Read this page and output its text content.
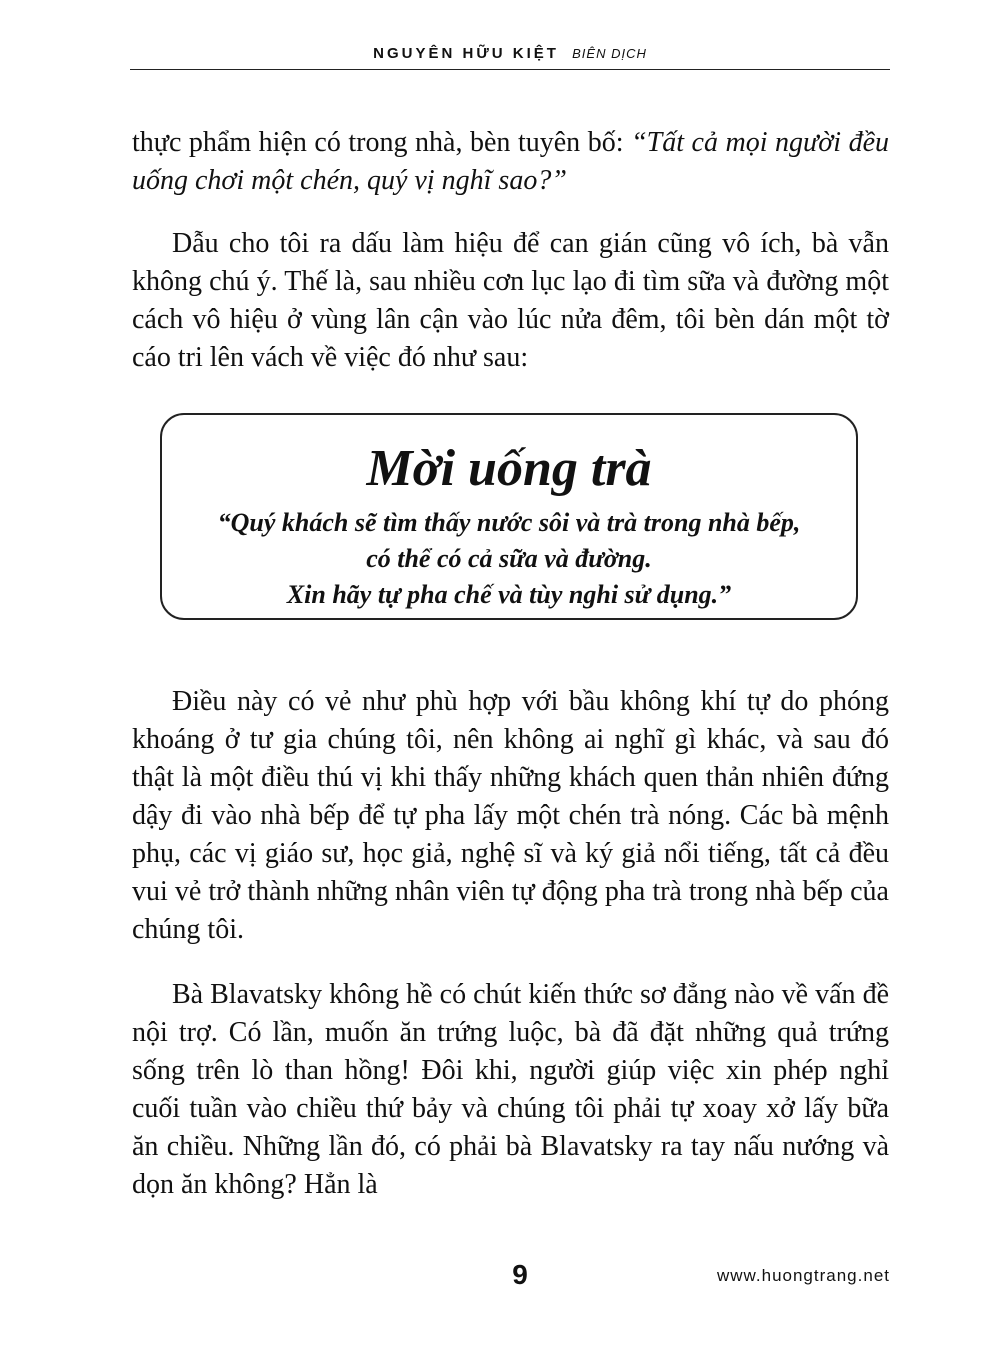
NGUYÊN HỮU KIỆT BIÊN DỊCH

thực phẩm hiện có trong nhà, bèn tuyên bố: “Tất cả mọi người đều uống chơi một chén, quý vị nghĩ sao?”

Dẫu cho tôi ra dấu làm hiệu để can gián cũng vô ích, bà vẫn không chú ý. Thế là, sau nhiều cơn lục lạo đi tìm sữa và đường một cách vô hiệu ở vùng lân cận vào lúc nửa đêm, tôi bèn dán một tờ cáo tri lên vách về việc đó như sau:

Mời uống trà
“Quý khách sẽ tìm thấy nước sôi và trà trong nhà bếp,
có thể có cả sữa và đường.
Xin hãy tự pha chế và tùy nghi sử dụng.”

Điều này có vẻ như phù hợp với bầu không khí tự do phóng khoáng ở tư gia chúng tôi, nên không ai nghĩ gì khác, và sau đó thật là một điều thú vị khi thấy những khách quen thản nhiên đứng dậy đi vào nhà bếp để tự pha lấy một chén trà nóng. Các bà mệnh phụ, các vị giáo sư, học giả, nghệ sĩ và ký giả nổi tiếng, tất cả đều vui vẻ trở thành những nhân viên tự động pha trà trong nhà bếp của chúng tôi.

Bà Blavatsky không hề có chút kiến thức sơ đẳng nào về vấn đề nội trợ. Có lần, muốn ăn trứng luộc, bà đã đặt những quả trứng sống trên lò than hồng! Đôi khi, người giúp việc xin phép nghỉ cuối tuần vào chiều thứ bảy và chúng tôi phải tự xoay xở lấy bữa ăn chiều. Những lần đó, có phải bà Blavatsky ra tay nấu nướng và dọn ăn không? Hẳn là

9	www.huongtrang.net
